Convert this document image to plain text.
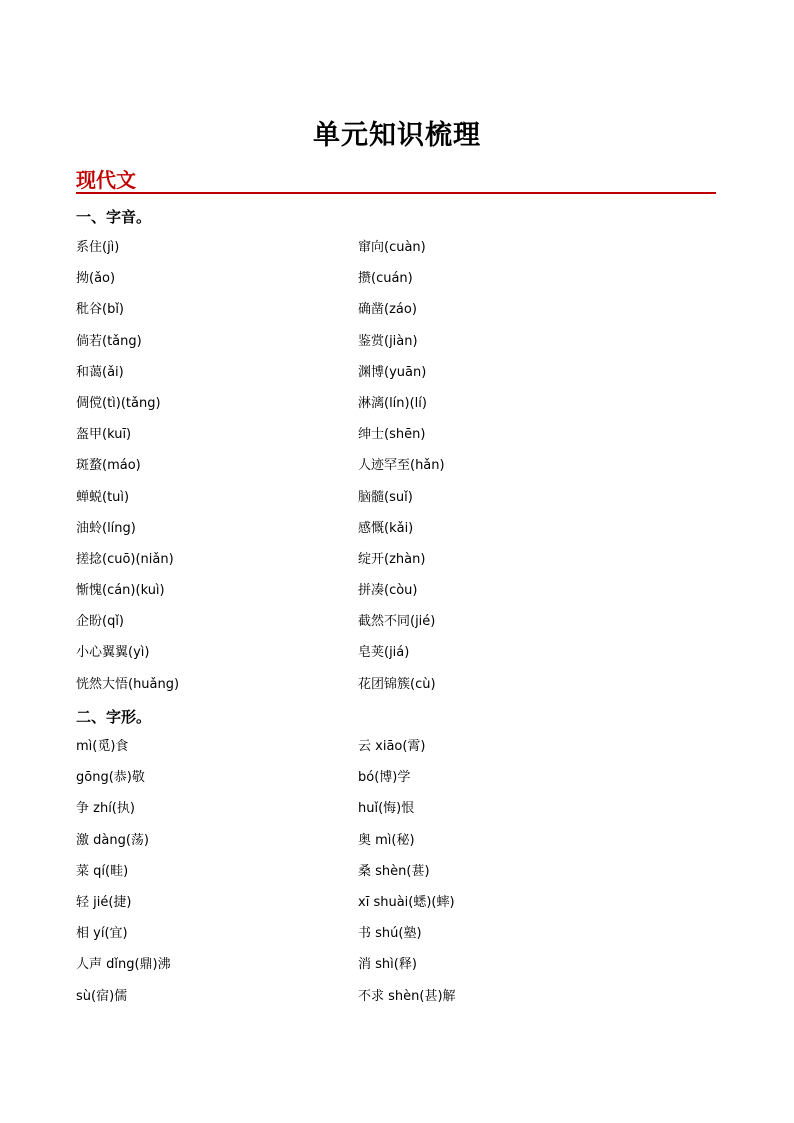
单元知识梳理
现代文
一、字音。
系住(jì)	窜向(cuàn)
拗(ǎo)	攒(cuán)
秕谷(bǐ)	确凿(záo)
倘若(tǎng)	鉴赏(jiàn)
和蔼(ǎi)	渊博(yuān)
倜傥(tì)(tǎng)	淋漓(lín)(lí)
盔甲(kuī)	绅士(shēn)
斑蝥(máo)	人迹罕至(hǎn)
蝉蜕(tuì)	脑髓(suǐ)
油蛉(líng)	感慨(kǎi)
搓捻(cuō)(niǎn)	绽开(zhàn)
惭愧(cán)(kuì)	拼凑(còu)
企盼(qǐ)	截然不同(jié)
小心翼翼(yì)	皂荚(jiá)
恍然大悟(huǎng)	花团锦簇(cù)
二、字形。
mì(觅)食	云 xiāo(霄)
gōng(恭)敬	bó(博)学
争 zhí(执)	huǐ(悔)恨
激 dàng(荡)	奥 mì(秘)
菜 qí(畦)	桑 shèn(葚)
轻 jié(捷)	xī shuài(蟋)(蟀)
相 yí(宜)	书 shú(塾)
人声 dǐng(鼎)沸	消 shì(释)
sù(宿)儒	不求 shèn(甚)解
